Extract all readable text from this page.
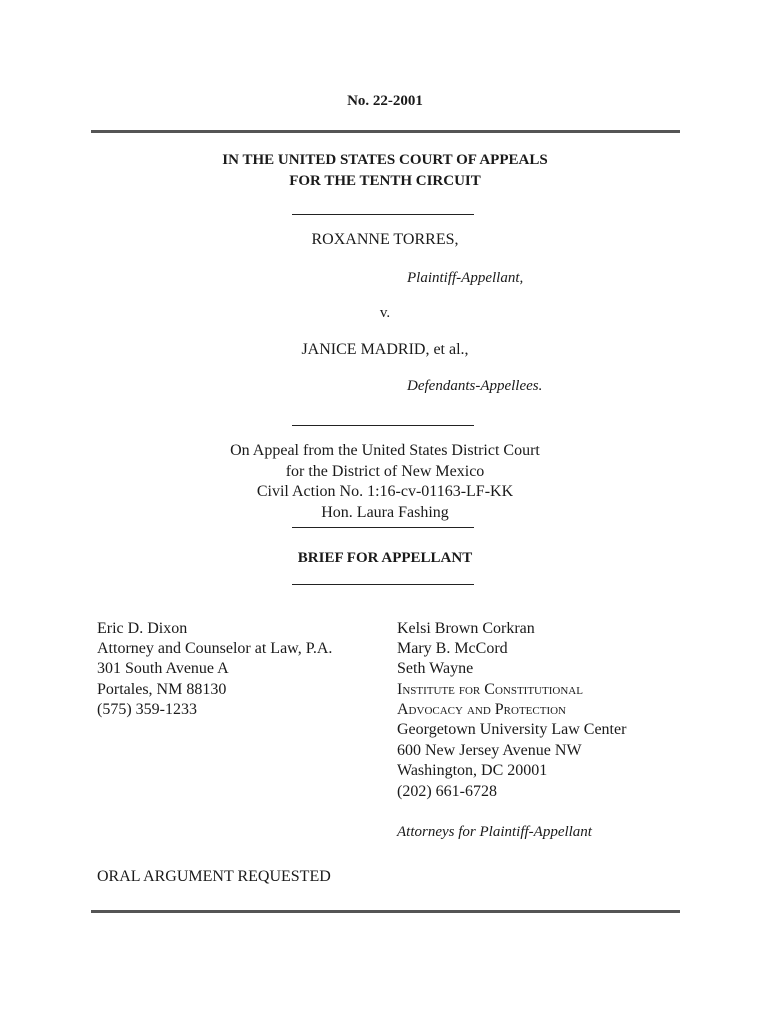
No. 22-2001
IN THE UNITED STATES COURT OF APPEALS
FOR THE TENTH CIRCUIT
ROXANNE TORRES,
Plaintiff-Appellant,
v.
JANICE MADRID, et al.,
Defendants-Appellees.
On Appeal from the United States District Court
for the District of New Mexico
Civil Action No. 1:16-cv-01163-LF-KK
Hon. Laura Fashing
BRIEF FOR APPELLANT
Eric D. Dixon
Attorney and Counselor at Law, P.A.
301 South Avenue A
Portales, NM 88130
(575) 359-1233
Kelsi Brown Corkran
Mary B. McCord
Seth Wayne
Institute for Constitutional
Advocacy and Protection
Georgetown University Law Center
600 New Jersey Avenue NW
Washington, DC 20001
(202) 661-6728
Attorneys for Plaintiff-Appellant
ORAL ARGUMENT REQUESTED
